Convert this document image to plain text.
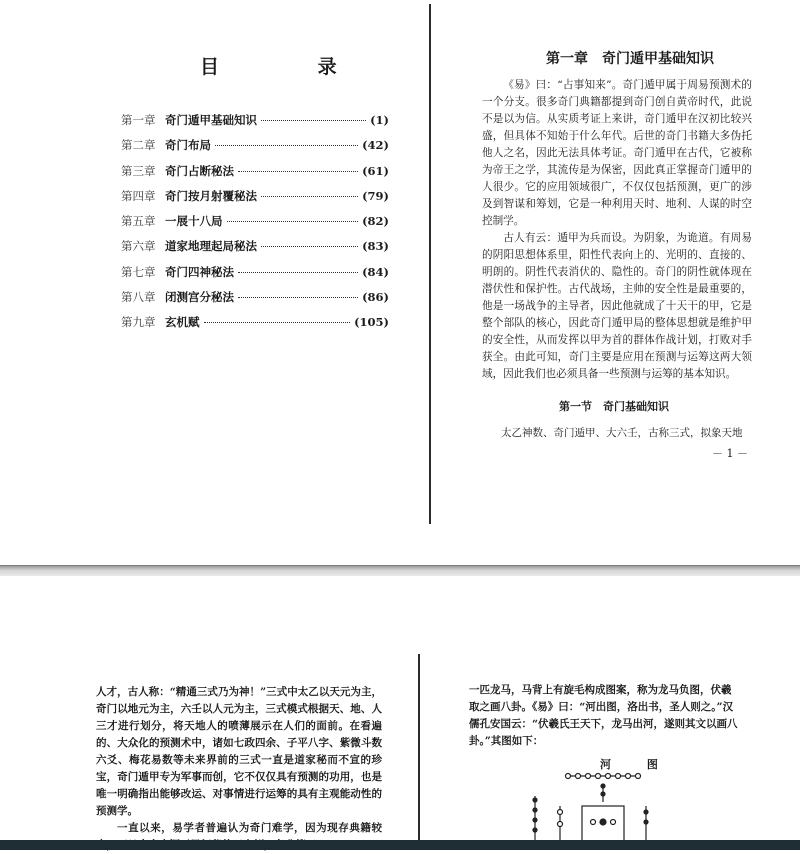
目 录
第一章 奇门遁甲基础知识	(1)
第二章 奇门布局	(42)
第三章 奇门占断秘法	(61)
第四章 奇门按月射覆秘法	(79)
第五章 一展十八局	(82)
第六章 道家地理起局秘法	(83)
第七章 奇门四神秘法	(84)
第八章 闭测宫分秘法	(86)
第九章 玄机赋	(105)
第一章　奇门遁甲基础知识

《易》曰：“占事知来”。奇门遁甲属于周易预测术的一个分支。很多奇门典籍都提到奇门创自黄帝时代，此说不是以为信。从实质考证上来讲，奇门遁甲在汉初比较兴盛，但具体不知始于什么年代。后世的奇门书籍大多伪托他人之名，因此无法具体考证。奇门遁甲在古代，它被称为帝王之学，其流传是为保密，因此真正掌握奇门遁甲的人很少。它的应用领域很广，不仅仅包括预测，更广的涉及到智谋和筹划，它是一种利用天时、地利、人谋的时空控制学。

古人有云：遁甲为兵而设。为阴象，为诡道。有周易的阴阳思想体系里，阳性代表向上的、光明的、直接的、明朗的。阴性代表消伏的、隐性的。奇门的阴性就体现在潜伏性和保护性。古代战场，主帅的安全性是最重要的，他是一场战争的主导者，因此他就成了十天干的甲，它是整个部队的核心，因此奇门遁甲局的整体思想就是维护甲的安全性，从而发挥以甲为首的群体作战计划，打败对手获全。由此可知，奇门主要是应用在预测与运筹这两大领域，因此我们也必须具备一些预测与运筹的基本知识。

第一节　奇门基础知识
太乙神数、奇门遁甲、大六壬，古称三式，拟象天地
－ 1 －

人才，古人称：“精通三式乃为神！”三式中太乙以天元为主，奇门以地元为主，六壬以人元为主，三式模式根据天、地、人三才进行划分，将天地人的喷薄展示在人们的面前。在看遍的、大众化的预测术中，诸如七政四余、子平八字、紫微斗数六爻、梅花易数等未来界前的三式一直是道家秘而不宣的珍宝，奇门遁甲专为军事而创，它不仅仅具有预测的功用，也是唯一明确指出能够改运、对事情进行运筹的具有主观能动性的预测学。

一直以来，易学者普遍认为奇门难学，因为现存典籍较

一匹龙马，马背上有旋毛构成图案，称为龙马负图，伏羲取之画八卦。《易》曰：“河出图，洛出书，圣人则之。”汉儒孔安国云：“伏羲氏王天下，龙马出河，遂则其文以画八卦。”其图如下：
河 图
